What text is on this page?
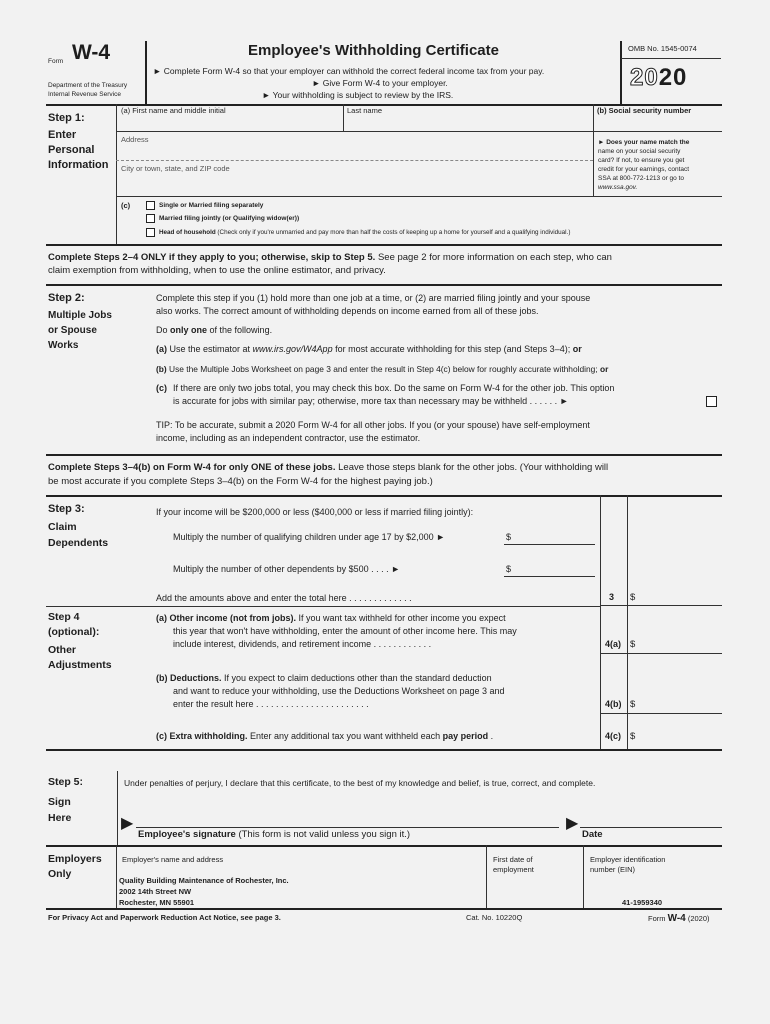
Form W-4
Department of the Treasury
Internal Revenue Service
Employee's Withholding Certificate
► Complete Form W-4 so that your employer can withhold the correct federal income tax from your pay.
► Give Form W-4 to your employer.
► Your withholding is subject to review by the IRS.
OMB No. 1545-0074
2020
Step 1:
Enter
Personal
Information
(a) First name and middle initial	Last name	(b) Social security number
Address
City or town, state, and ZIP code
► Does your name match the
name on your social security
card? If not, to ensure you get
credit for your earnings, contact
SSA at 800-772-1213 or go to
www.ssa.gov.
(c)	Single or Married filing separately
Married filing jointly (or Qualifying widow(er))
Head of household (Check only if you're unmarried and pay more than half the costs of keeping up a home for yourself and a qualifying individual.)
Complete Steps 2–4 ONLY if they apply to you; otherwise, skip to Step 5. See page 2 for more information on each step, who can
claim exemption from withholding, when to use the online estimator, and privacy.
Step 2:
Multiple Jobs
or Spouse
Works
Complete this step if you (1) hold more than one job at a time, or (2) are married filing jointly and your spouse
also works. The correct amount of withholding depends on income earned from all of these jobs.
Do only one of the following.
(a) Use the estimator at www.irs.gov/W4App for most accurate withholding for this step (and Steps 3–4); or
(b) Use the Multiple Jobs Worksheet on page 3 and enter the result in Step 4(c) below for roughly accurate withholding; or
(c) If there are only two jobs total, you may check this box. Do the same on Form W-4 for the other job. This option
is accurate for jobs with similar pay; otherwise, more tax than necessary may be withheld . . . . . . ►
TIP: To be accurate, submit a 2020 Form W-4 for all other jobs. If you (or your spouse) have self-employment
income, including as an independent contractor, use the estimator.
Complete Steps 3–4(b) on Form W-4 for only ONE of these jobs. Leave those steps blank for the other jobs. (Your withholding will
be most accurate if you complete Steps 3–4(b) on the Form W-4 for the highest paying job.)
Step 3:
Claim
Dependents
If your income will be $200,000 or less ($400,000 or less if married filing jointly):
Multiply the number of qualifying children under age 17 by $2,000 ►	$
Multiply the number of other dependents by $500 . . . . ►	$
Add the amounts above and enter the total here . . . . . . . . . . . . .	3 $
Step 4
(optional):
Other
Adjustments
(a) Other income (not from jobs). If you want tax withheld for other income you expect
this year that won't have withholding, enter the amount of other income here. This may
include interest, dividends, and retirement income . . . . . . . . . . . .	4(a) $
(b) Deductions. If you expect to claim deductions other than the standard deduction
and want to reduce your withholding, use the Deductions Worksheet on page 3 and
enter the result here . . . . . . . . . . . . . . . . . . . . . . .	4(b) $
(c) Extra withholding. Enter any additional tax you want withheld each pay period .	4(c) $
Step 5:
Sign
Here
Under penalties of perjury, I declare that this certificate, to the best of my knowledge and belief, is true, correct, and complete.
▶
Employee's signature (This form is not valid unless you sign it.)
▶
Date
Employers
Only
Employer's name and address
Quality Building Maintenance of Rochester, Inc.
2002 14th Street NW
Rochester, MN 55901
First date of
employment
Employer identification
number (EIN)
41-1959340
For Privacy Act and Paperwork Reduction Act Notice, see page 3.	Cat. No. 10220Q	Form W-4 (2020)
